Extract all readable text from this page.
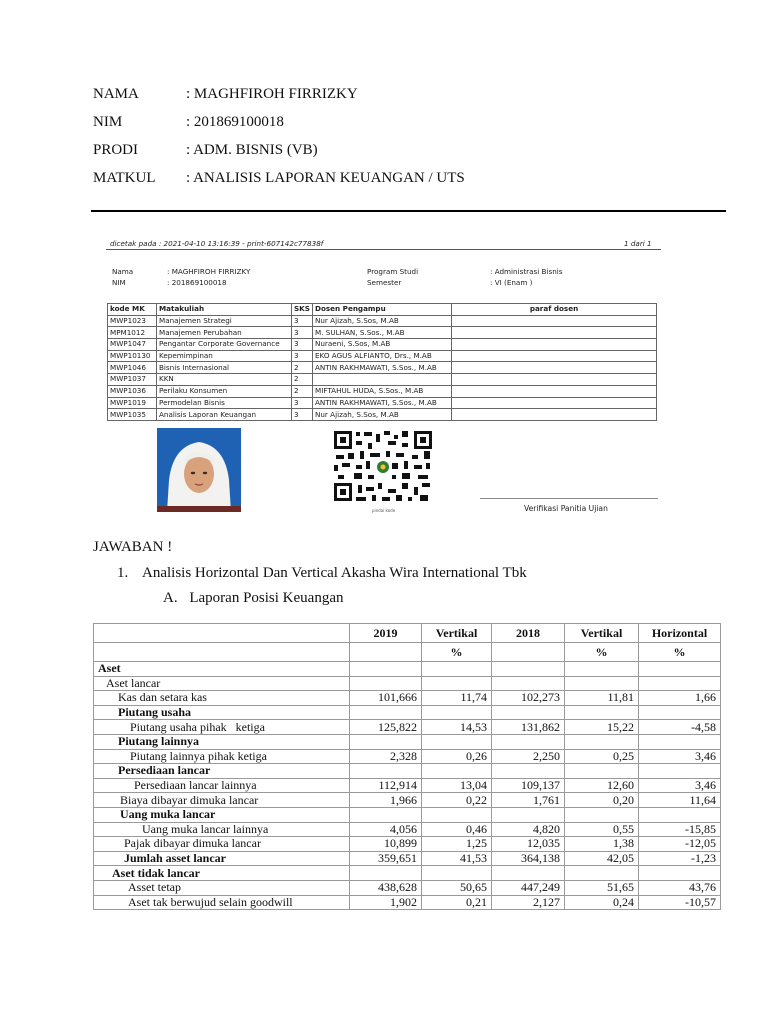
NAMA	: MAGHFIROH FIRRIZKY
NIM	: 201869100018
PRODI	: ADM. BISNIS (VB)
MATKUL : ANALISIS LAPORAN KEUANGAN / UTS
dicetak pada : 2021-04-10 13:16:39 - print-607142c77838f	1 dari 1
Nama	: MAGHFIROH FIRRIZKY
NIM	: 201869100018
Program Studi	: Administrasi Bisnis
Semester	: VI (Enam )
kode MK	Matakuliah	SKS	Dosen Pengampu	paraf dosen
MWP1023	Manajemen Strategi	3	Nur Ajizah, S.Sos, M.AB	
MPM1012	Manajemen Perubahan	3	M. SULHAN, S.Sos., M.AB	
MWP1047	Pengantar Corporate Governance	3	Nuraeni, S.Sos, M.AB	
MWP10130	Kepemimpinan	3	EKO AGUS ALFIANTO, Drs., M.AB	
MWP1046	Bisnis Internasional	2	ANTIN RAKHMAWATI, S.Sos., M.AB	
MWP1037	KKN	2		
MWP1036	Perilaku Konsumen	2	MIFTAHUL HUDA, S.Sos., M.AB	
MWP1019	Permodelan Bisnis	3	ANTIN RAKHMAWATI, S.Sos., M.AB	
MWP1035	Analisis Laporan Keuangan	3	Nur Ajizah, S.Sos, M.AB	
pindai kode	Verifikasi Panitia Ujian
JAWABAN !
1. Analisis Horizontal Dan Vertical Akasha Wira International Tbk
A. Laporan Posisi Keuangan
	2019	Vertikal	2018	Vertikal	Horizontal
		%		%	%
Aset					
Aset lancar					
Kas dan setara kas	101,666	11,74	102,273	11,81	1,66
Piutang usaha					
Piutang usaha pihak   ketiga	125,822	14,53	131,862	15,22	-4,58
Piutang lainnya					
Piutang lainnya pihak ketiga	2,328	0,26	2,250	0,25	3,46
Persediaan lancar					
Persediaan lancar lainnya	112,914	13,04	109,137	12,60	3,46
Biaya dibayar dimuka lancar	1,966	0,22	1,761	0,20	11,64
Uang muka lancar					
Uang muka lancar lainnya	4,056	0,46	4,820	0,55	-15,85
Pajak dibayar dimuka lancar	10,899	1,25	12,035	1,38	-12,05
Jumlah asset lancar	359,651	41,53	364,138	42,05	-1,23
Aset tidak lancar					
Asset tetap	438,628	50,65	447,249	51,65	43,76
Aset tak berwujud selain goodwill	1,902	0,21	2,127	0,24	-10,57
